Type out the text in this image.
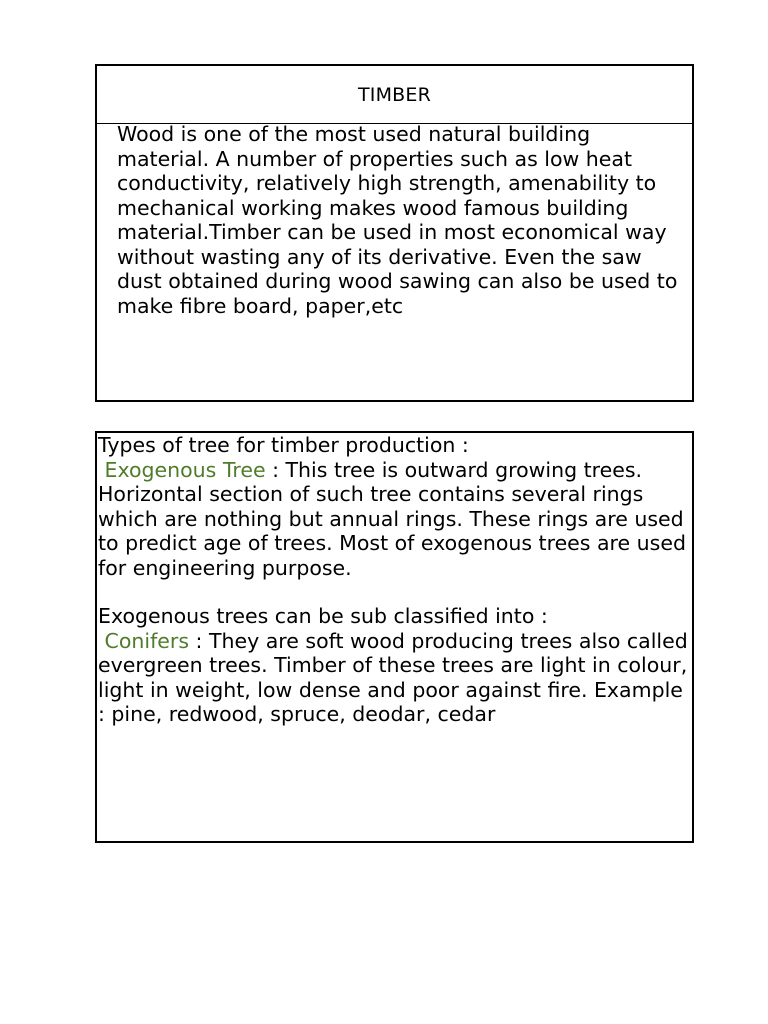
TIMBER
Wood is one of the most used natural building material. A number of properties such as low heat conductivity, relatively high strength, amenability to mechanical working makes wood famous building material.Timber can be used in most economical way without wasting any of its derivative. Even the saw dust obtained during wood sawing can also be used to make fibre board, paper,etc

Types of tree for timber production :
Exogenous Tree : This tree is outward growing trees. Horizontal section of such tree contains several rings which are nothing but annual rings. These rings are used to predict age of trees. Most of exogenous trees are used for engineering purpose.

Exogenous trees can be sub classified into :
Conifers : They are soft wood producing trees also called evergreen trees. Timber of these trees are light in colour, light in weight, low dense and poor against fire. Example : pine, redwood, spruce, deodar, cedar
